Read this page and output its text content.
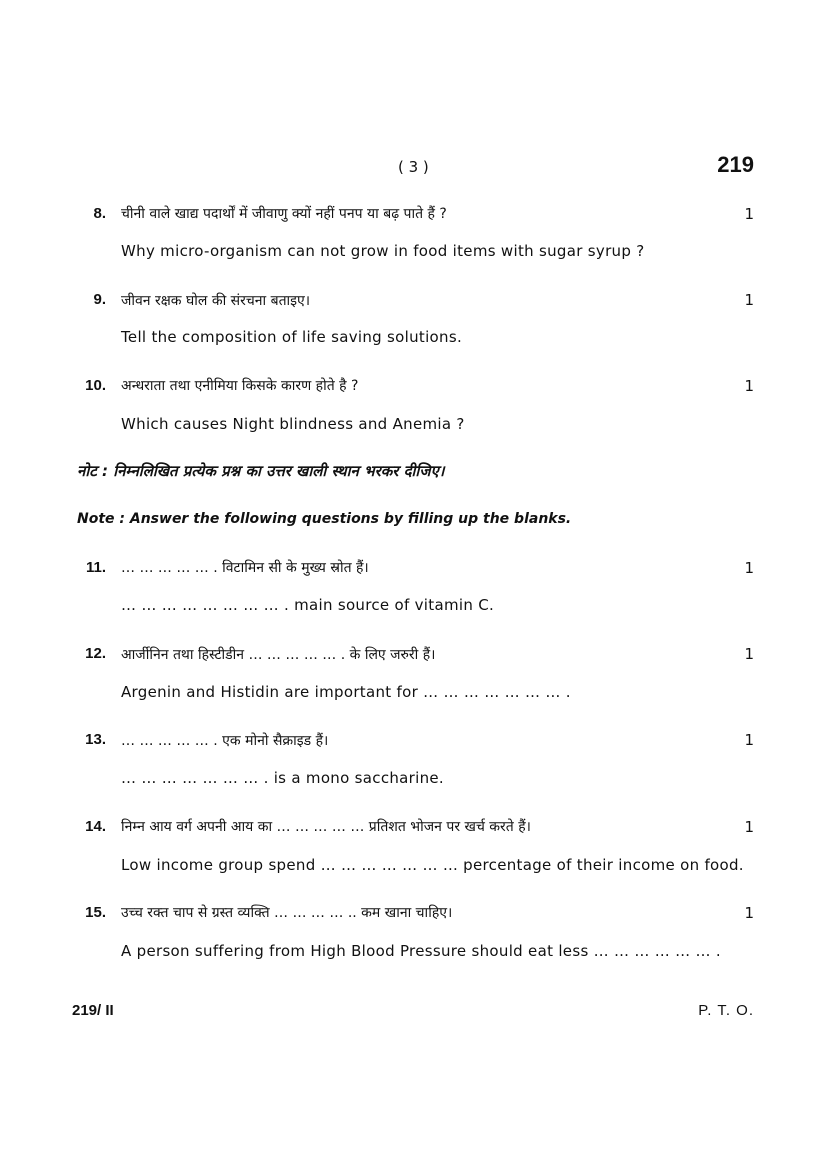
( 3 )	219
8. चीनी वाले खाद्य पदार्थों में जीवाणु क्यों नहीं पनप या बढ़ पाते हैं ?	1
Why micro-organism can not grow in food items with sugar syrup ?
9. जीवन रक्षक घोल की संरचना बताइए।	1
Tell the composition of life saving solutions.
10. अन्धराता तथा एनीमिया किसके कारण होते है ?	1
Which causes Night blindness and Anemia ?
नोट : निम्नलिखित प्रत्येक प्रश्न का उत्तर खाली स्थान भरकर दीजिए।
Note : Answer the following questions by filling up the blanks.
11. … … … … … . विटामिन सी के मुख्य स्रोत हैं।	1
… … … … … … … … . main source of vitamin C.
12. आर्जीनिन तथा हिस्टीडीन … … … … … . के लिए जरुरी हैं।	1
Argenin and Histidin are important for … … … … … … … .
13. … … … … … . एक मोनो सैक्राइड हैं।	1
… … … … … … … . is a mono saccharine.
14. निम्न आय वर्ग अपनी आय का … … … … … प्रतिशत भोजन पर खर्च करते हैं।	1
Low income group spend … … … … … … … percentage of their income on food.
15. उच्च रक्त चाप से ग्रस्त व्यक्ति … … … … .. कम खाना चाहिए।	1
A person suffering from High Blood Pressure should eat less … … … … … … .
219/ II	P. T. O.
